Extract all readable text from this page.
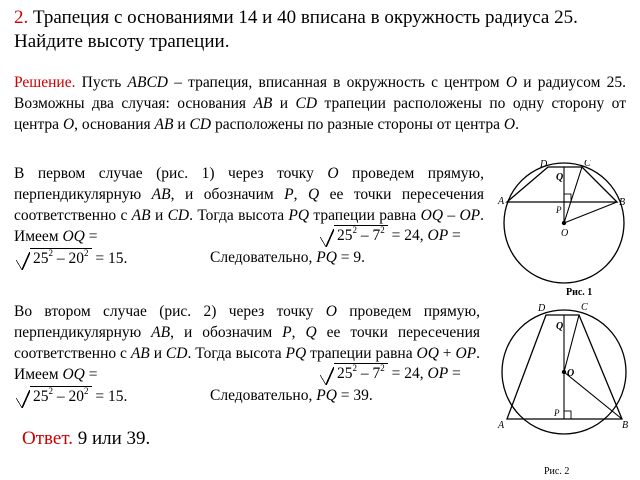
2. Трапеция с основаниями 14 и 40 вписана в окружность радиуса 25. Найдите высоту трапеции.
Решение. Пусть ABCD – трапеция, вписанная в окружность с центром O и радиусом 25. Возможны два случая: основания AB и CD трапеции расположены по одну сторону от центра O, основания AB и CD расположены по разные стороны от центра O.
В первом случае (рис. 1) через точку O проведем прямую, перпендикулярную AB, и обозначим P, Q ее точки пересечения соответственно с AB и CD. Тогда высота PQ трапеции равна OQ – OP. Имеем OQ =	$25^2 - 7^2 = 24$, OP =
$25^2 - 20^2 = 15$.	Следовательно, PQ = 9.
Во втором случае (рис. 2) через точку O проведем прямую, перпендикулярную AB, и обозначим P, Q ее точки пересечения соответственно с AB и CD. Тогда высота PQ трапеции равна OQ + OP. Имеем OQ =	$25^2 - 7^2 = 24$, OP =
$25^2 - 20^2 = 15$.	Следовательно, PQ = 39.
Ответ. 9 или 39.
D	C
Q
A	B
P
O
Рис. 1
D	C
Q
O
P
A	B
Рис. 2
